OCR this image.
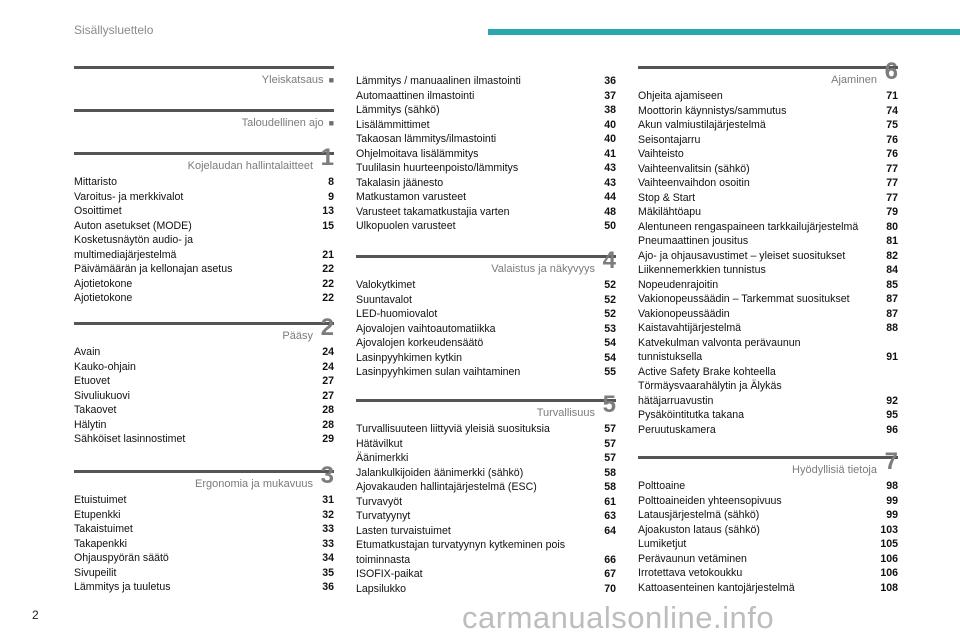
Sisällysluettelo
Yleiskatsaus ■
Taloudellinen ajo ■
Kojelaudan hallintalaitteet 1
Mittaristo	8
Varoitus- ja merkkivalot	9
Osoittimet	13
Auton asetukset (MODE)	15
Kosketusnäytön audio- ja
multimediajärjestelmä	21
Päivämäärän ja kellonajan asetus	22
Ajotietokone	22
Ajotietokone	22
Pääsy 2
Avain	24
Kauko-ohjain	24
Etuovet	27
Sivuliukuovi	27
Takaovet	28
Hälytin	28
Sähköiset lasinnostimet	29
Ergonomia ja mukavuus 3
Etuistuimet	31
Etupenkki	32
Takaistuimet	33
Takapenkki	33
Ohjauspyörän säätö	34
Sivupeilit	35
Lämmitys ja tuuletus	36
Lämmitys / manuaalinen ilmastointi	36
Automaattinen ilmastointi	37
Lämmitys (sähkö)	38
Lisälämmittimet	40
Takaosan lämmitys/ilmastointi	40
Ohjelmoitava lisälämmitys	41
Tuulilasin huurteenpoisto/lämmitys	43
Takalasin jäänesto	43
Matkustamon varusteet	44
Varusteet takamatkustajia varten	48
Ulkopuolen varusteet	50
Valaistus ja näkyvyys 4
Valokytkimet	52
Suuntavalot	52
LED-huomiovalot	52
Ajovalojen vaihtoautomatiikka	53
Ajovalojen korkeudensäätö	54
Lasinpyyhkimen kytkin	54
Lasinpyyhkimen sulan vaihtaminen	55
Turvallisuus 5
Turvallisuuteen liittyviä yleisiä suosituksia	57
Hätävilkut	57
Äänimerkki	57
Jalankulkijoiden äänimerkki (sähkö)	58
Ajovakauden hallintajärjestelmä (ESC)	58
Turvavyöt	61
Turvatyynyt	63
Lasten turvaistuimet	64
Etumatkustajan turvatyynyn kytkeminen pois
toiminnasta	66
ISOFIX-paikat	67
Lapsilukko	70
Ajaminen 6
Ohjeita ajamiseen	71
Moottorin käynnistys/sammutus	74
Akun valmiustilajärjestelmä	75
Seisontajarru	76
Vaihteisto	76
Vaihteenvalitsin (sähkö)	77
Vaihteenvaihdon osoitin	77
Stop & Start	77
Mäkilähtöapu	79
Alentuneen rengaspaineen tarkkailujärjestelmä	80
Pneumaattinen jousitus	81
Ajo- ja ohjausavustimet – yleiset suositukset	82
Liikennemerkkien tunnistus	84
Nopeudenrajoitin	85
Vakionopeussäädin – Tarkemmat suositukset	87
Vakionopeussäädin	87
Kaistavahtijärjestelmä	88
Katvekulman valvonta perävaunun
tunnistuksella	91
Active Safety Brake kohteella
Törmäysvaarahälytin ja Älykäs
hätäjarruavustin	92
Pysäköintitutka takana	95
Peruutuskamera	96
Hyödyllisiä tietoja 7
Polttoaine	98
Polttoaineiden yhteensopivuus	99
Latausjärjestelmä (sähkö)	99
Ajoakuston lataus (sähkö)	103
Lumiketjut	105
Perävaunun vetäminen	106
Irrotettava vetokoukku	106
Kattoasenteinen kantojärjestelmä	108
2	carmanualsonline.info
